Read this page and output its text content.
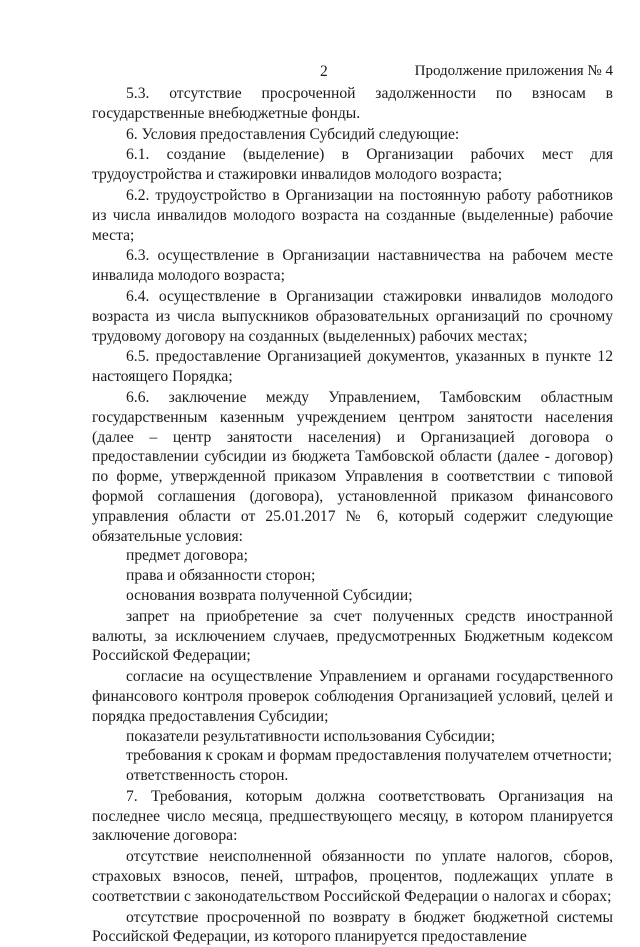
2	Продолжение приложения № 4

5.3. отсутствие просроченной задолженности по взносам в государственные внебюджетные фонды.

6. Условия предоставления Субсидий следующие:

6.1. создание (выделение) в Организации рабочих мест для трудоустройства и стажировки инвалидов молодого возраста;

6.2. трудоустройство в Организации на постоянную работу работников из числа инвалидов молодого возраста на созданные (выделенные) рабочие места;

6.3. осуществление в Организации наставничества на рабочем месте инвалида молодого возраста;

6.4. осуществление в Организации стажировки инвалидов молодого возраста из числа выпускников образовательных организаций по срочному трудовому договору на созданных (выделенных) рабочих местах;

6.5. предоставление Организацией документов, указанных в пункте 12 настоящего Порядка;

6.6. заключение между Управлением, Тамбовским областным государственным казенным учреждением центром занятости населения (далее – центр занятости населения) и Организацией договора о предоставлении субсидии из бюджета Тамбовской области (далее - договор) по форме, утвержденной приказом Управления в соответствии с типовой формой соглашения (договора), установленной приказом финансового управления области от 25.01.2017 № 6, который содержит следующие обязательные условия:

предмет договора;
права и обязанности сторон;
основания возврата полученной Субсидии;

запрет на приобретение за счет полученных средств иностранной валюты, за исключением случаев, предусмотренных Бюджетным кодексом Российской Федерации;

согласие на осуществление Управлением и органами государственного финансового контроля проверок соблюдения Организацией условий, целей и порядка предоставления Субсидии;

показатели результативности использования Субсидии;
требования к срокам и формам предоставления получателем отчетности;
ответственность сторон.

7. Требования, которым должна соответствовать Организация на последнее число месяца, предшествующего месяцу, в котором планируется заключение договора:

отсутствие неисполненной обязанности по уплате налогов, сборов, страховых взносов, пеней, штрафов, процентов, подлежащих уплате в соответствии с законодательством Российской Федерации о налогах и сборах;

отсутствие просроченной по возврату в бюджет бюджетной системы Российской Федерации, из которого планируется предоставление
